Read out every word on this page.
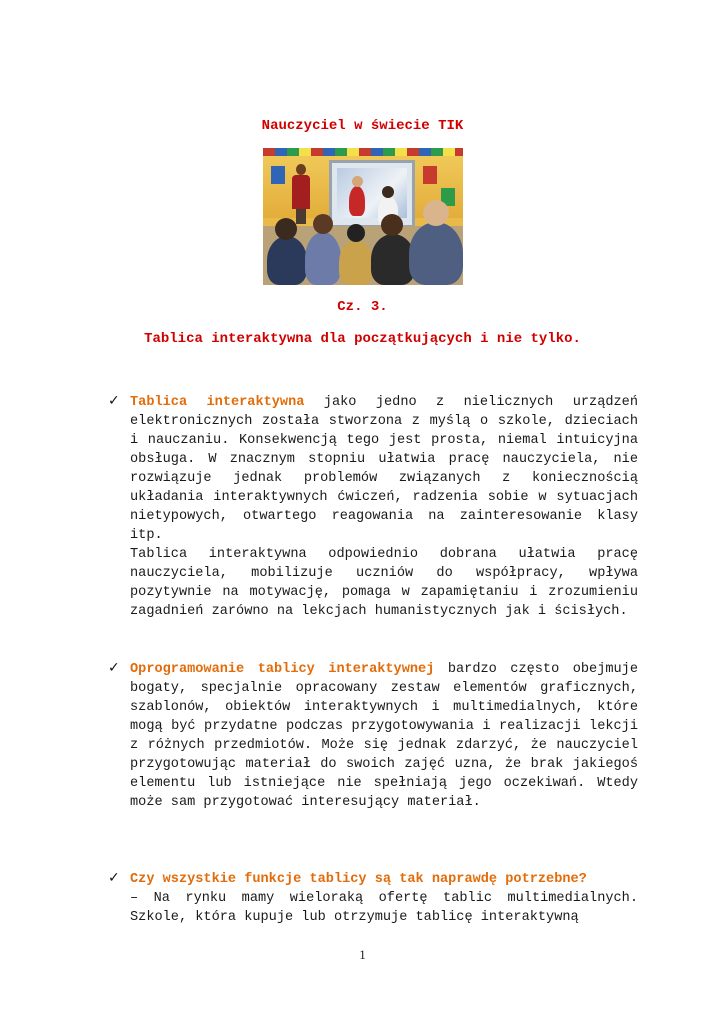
Nauczyciel w świecie TIK
Cz. 3.
Tablica interaktywna dla początkujących i nie tylko.
✓ Tablica interaktywna jako jedno z nielicznych urządzeń elektronicznych została stworzona z myślą o szkole, dzieciach i nauczaniu. Konsekwencją tego jest prosta, niemal intuicyjna obsługa. W znacznym stopniu ułatwia pracę nauczyciela, nie rozwiązuje jednak problemów związanych z koniecznością układania interaktywnych ćwiczeń, radzenia sobie w sytuacjach nietypowych, otwartego reagowania na zainteresowanie klasy itp.

Tablica interaktywna odpowiednio dobrana ułatwia pracę nauczyciela, mobilizuje uczniów do współpracy, wpływa pozytywnie na motywację, pomaga w zapamiętaniu i zrozumieniu zagadnień zarówno na lekcjach humanistycznych jak i ścisłych.

✓ Oprogramowanie tablicy interaktywnej bardzo często obejmuje bogaty, specjalnie opracowany zestaw elementów graficznych, szablonów, obiektów interaktywnych i multimedialnych, które mogą być przydatne podczas przygotowywania i realizacji lekcji z różnych przedmiotów. Może się jednak zdarzyć, że nauczyciel przygotowując materiał do swoich zajęć uzna, że brak jakiegoś elementu lub istniejące nie spełniają jego oczekiwań. Wtedy może sam przygotować interesujący materiał.

✓ Czy wszystkie funkcje tablicy są tak naprawdę potrzebne?
– Na rynku mamy wieloraką ofertę tablic multimedialnych. Szkole, która kupuje lub otrzymuje tablicę interaktywną

1
